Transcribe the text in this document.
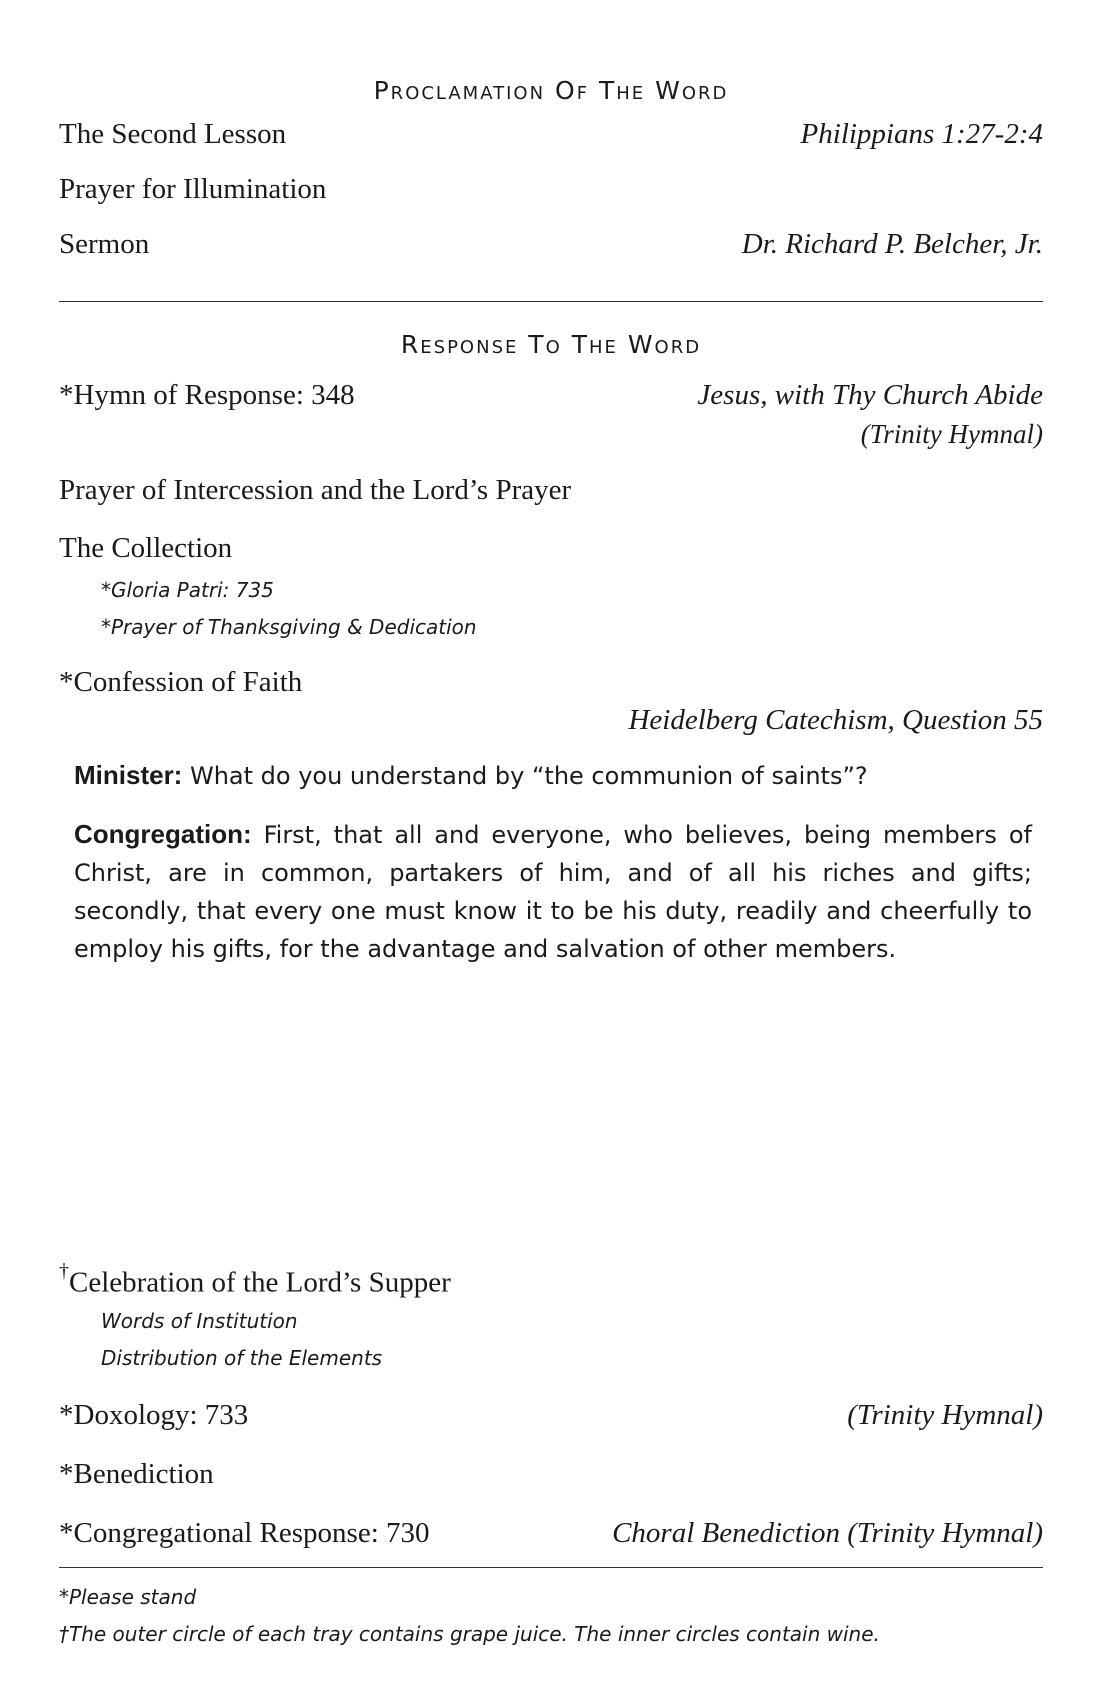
Proclamation Of The Word
The Second Lesson	Philippians 1:27-2:4
Prayer for Illumination
Sermon	Dr. Richard P. Belcher, Jr.
Response To The Word
*Hymn of Response: 348	Jesus, with Thy Church Abide
(Trinity Hymnal)
Prayer of Intercession and the Lord’s Prayer
The Collection
*Gloria Patri: 735
*Prayer of Thanksgiving & Dedication
*Confession of Faith
Heidelberg Catechism, Question 55
Minister: What do you understand by “the communion of saints”?
Congregation: First, that all and everyone, who believes, being members of Christ, are in common, partakers of him, and of all his riches and gifts; secondly, that every one must know it to be his duty, readily and cheerfully to employ his gifts, for the advantage and salvation of other members.
†Celebration of the Lord’s Supper
Words of Institution
Distribution of the Elements
*Doxology: 733	(Trinity Hymnal)
*Benediction
*Congregational Response: 730	Choral Benediction (Trinity Hymnal)
*Please stand
†The outer circle of each tray contains grape juice. The inner circles contain wine.
